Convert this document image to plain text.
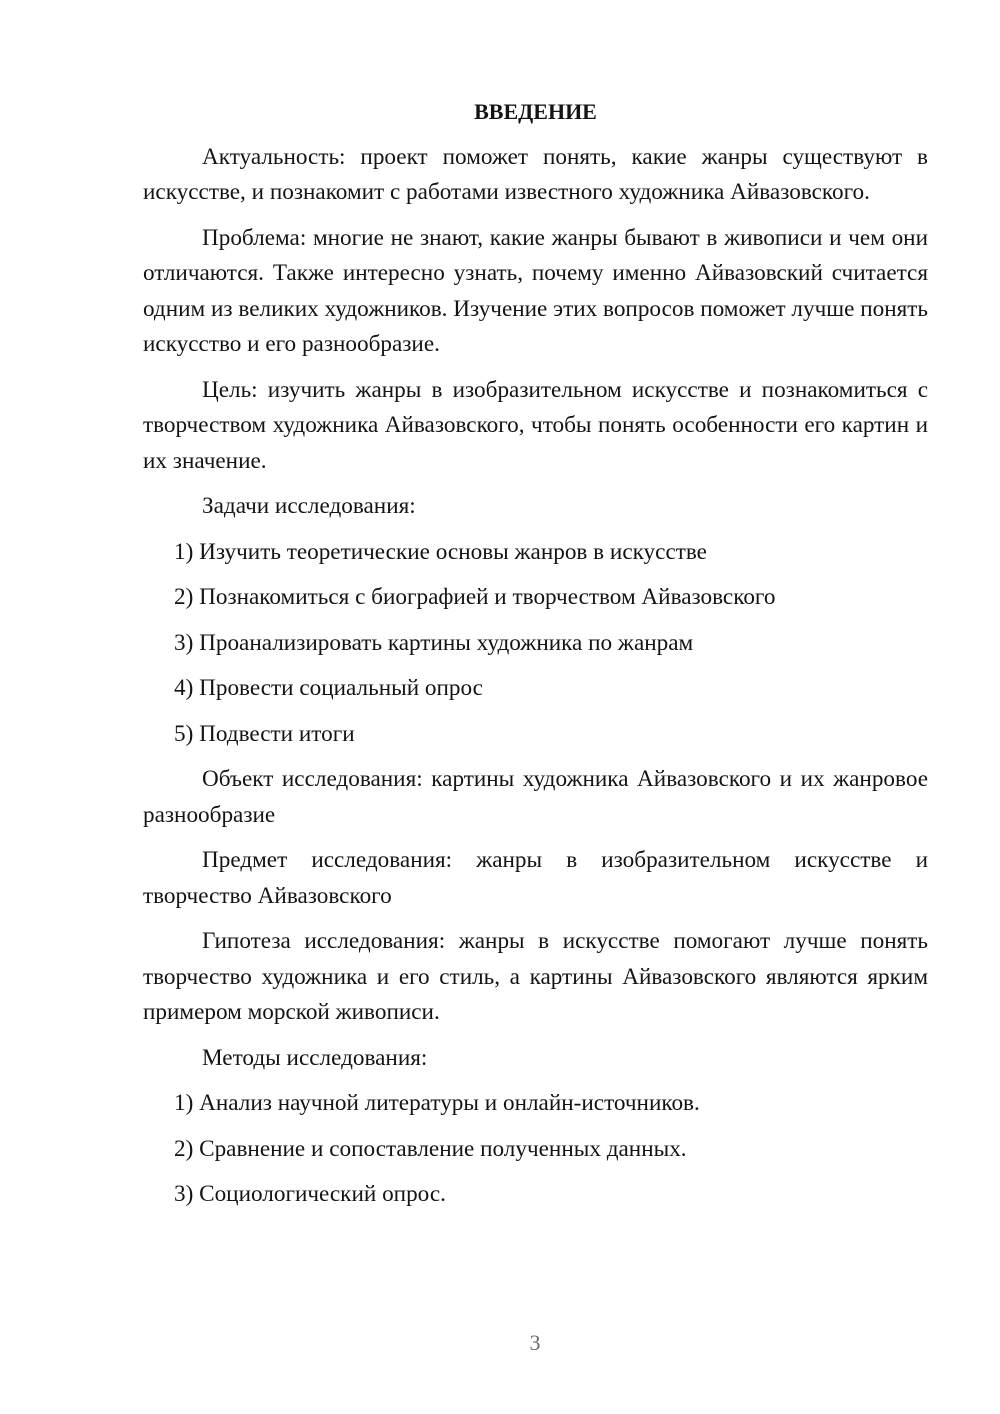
ВВЕДЕНИЕ
Актуальность: проект поможет понять, какие жанры существуют в искусстве, и познакомит с работами известного художника Айвазовского.
Проблема: многие не знают, какие жанры бывают в живописи и чем они отличаются. Также интересно узнать, почему именно Айвазовский считается одним из великих художников. Изучение этих вопросов поможет лучше понять искусство и его разнообразие.
Цель: изучить жанры в изобразительном искусстве и познакомиться с творчеством художника Айвазовского, чтобы понять особенности его картин и их значение.
Задачи исследования:
1) Изучить теоретические основы жанров в искусстве
2) Познакомиться с биографией и творчеством Айвазовского
3) Проанализировать картины художника по жанрам
4) Провести социальный опрос
5) Подвести итоги
Объект исследования: картины художника Айвазовского и их жанровое разнообразие
Предмет исследования: жанры в изобразительном искусстве и творчество Айвазовского
Гипотеза исследования: жанры в искусстве помогают лучше понять творчество художника и его стиль, а картины Айвазовского являются ярким примером морской живописи.
Методы исследования:
1) Анализ научной литературы и онлайн-источников.
2) Сравнение и сопоставление полученных данных.
3) Социологический опрос.
3
